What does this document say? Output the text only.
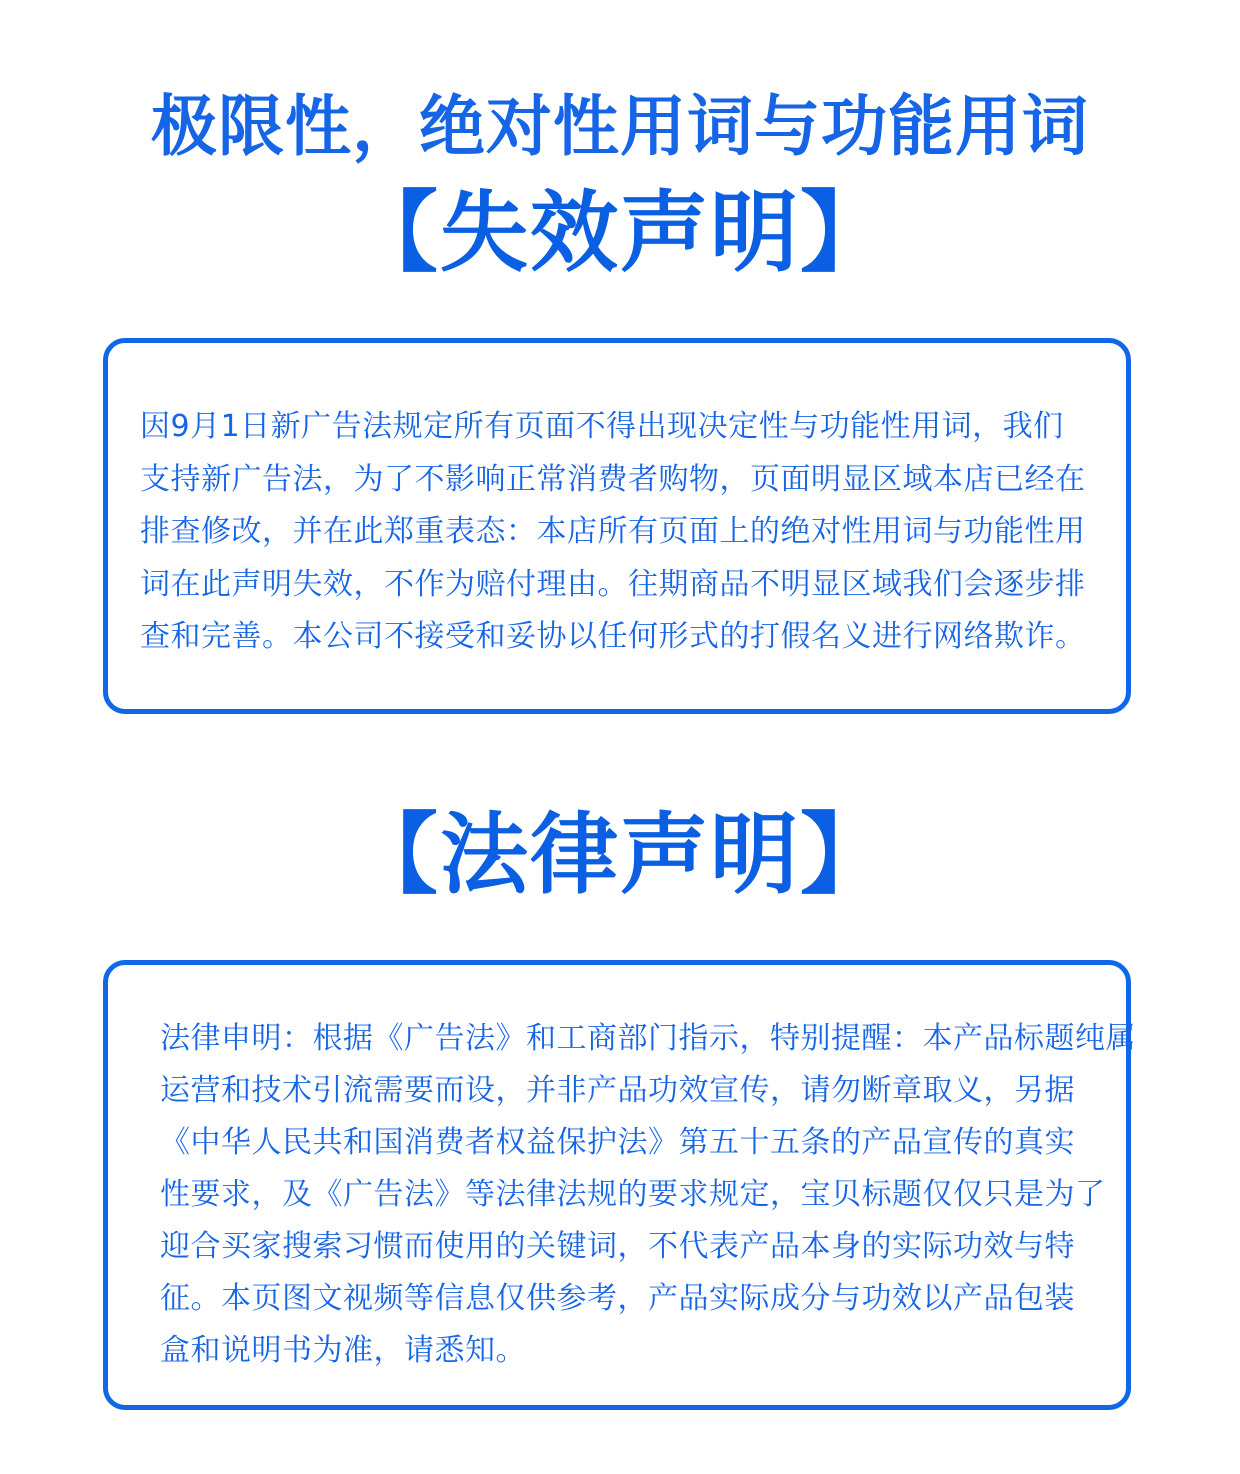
极限性，绝对性用词与功能用词
【失效声明】
因9月1日新广告法规定所有页面不得出现决定性与功能性用词，我们
支持新广告法，为了不影响正常消费者购物，页面明显区域本店已经在
排查修改，并在此郑重表态：本店所有页面上的绝对性用词与功能性用
词在此声明失效，不作为赔付理由。往期商品不明显区域我们会逐步排
查和完善。本公司不接受和妥协以任何形式的打假名义进行网络欺诈。
【法律声明】
法律申明：根据《广告法》和工商部门指示，特别提醒：本产品标题纯属
运营和技术引流需要而设，并非产品功效宣传，请勿断章取义，另据
《中华人民共和国消费者权益保护法》第五十五条的产品宣传的真实
性要求，及《广告法》等法律法规的要求规定，宝贝标题仅仅只是为了
迎合买家搜索习惯而使用的关键词，不代表产品本身的实际功效与特
征。本页图文视频等信息仅供参考，产品实际成分与功效以产品包装
盒和说明书为准，请悉知。
